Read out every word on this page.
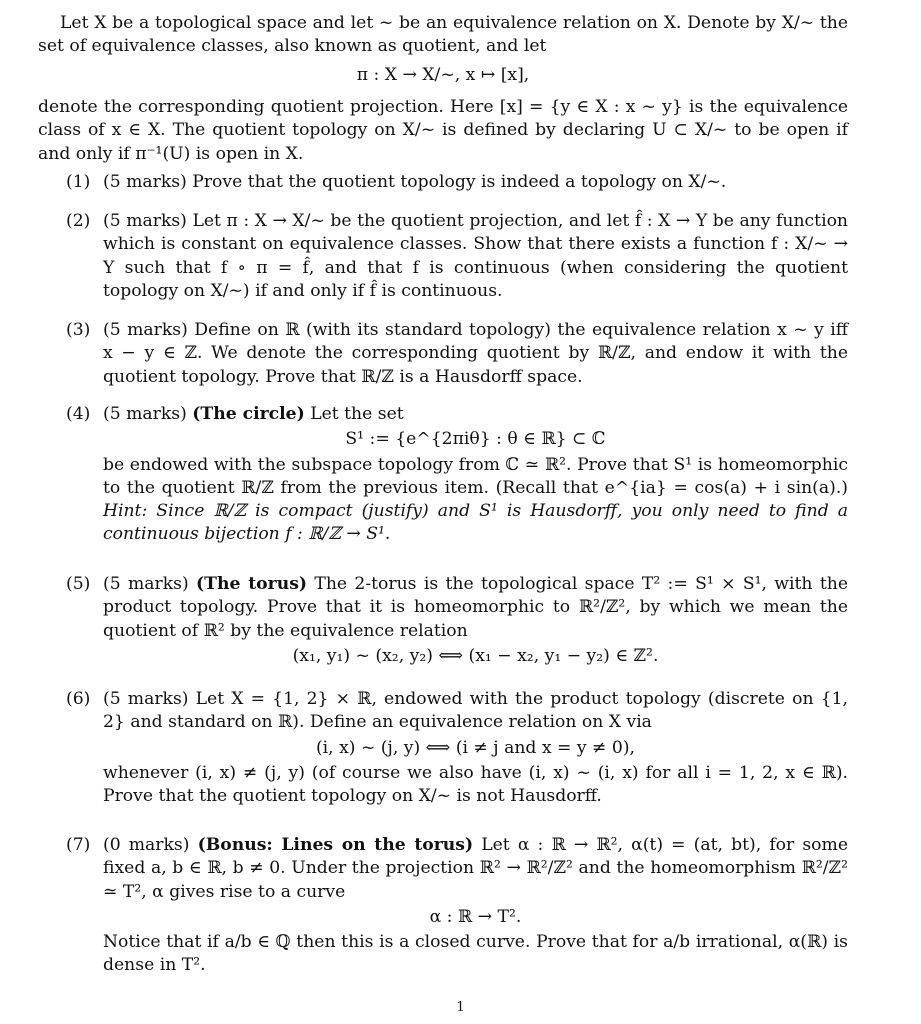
Let X be a topological space and let ~ be an equivalence relation on X. Denote by X/~ the set of equivalence classes, also known as quotient, and let

π : X → X/~, x ↦ [x],

denote the corresponding quotient projection. Here [x] = {y ∈ X : x ~ y} is the equivalence class of x ∈ X. The quotient topology on X/~ is defined by declaring U ⊂ X/~ to be open if and only if π⁻¹(U) is open in X.

(1) (5 marks) Prove that the quotient topology is indeed a topology on X/~.
(2) (5 marks) Let π : X → X/~ be the quotient projection, and let f̂ : X → Y be any function which is constant on equivalence classes. Show that there exists a function f : X/~ → Y such that f ∘ π = f̂, and that f is continuous (when considering the quotient topology on X/~) if and only if f̂ is continuous.
(3) (5 marks) Define on ℝ (with its standard topology) the equivalence relation x ~ y iff x − y ∈ ℤ. We denote the corresponding quotient by ℝ/ℤ, and endow it with the quotient topology. Prove that ℝ/ℤ is a Hausdorff space.
(4) (5 marks) (The circle) Let the set
S¹ := {e^{2πiθ} : θ ∈ ℝ} ⊂ ℂ
be endowed with the subspace topology from ℂ ≃ ℝ². Prove that S¹ is homeomorphic to the quotient ℝ/ℤ from the previous item. (Recall that e^{ia} = cos(a) + i sin(a).) Hint: Since ℝ/ℤ is compact (justify) and S¹ is Hausdorff, you only need to find a continuous bijection f : ℝ/ℤ → S¹.
(5) (5 marks) (The torus) The 2-torus is the topological space T² := S¹ × S¹, with the product topology. Prove that it is homeomorphic to ℝ²/ℤ², by which we mean the quotient of ℝ² by the equivalence relation
(x₁, y₁) ~ (x₂, y₂) ⟺ (x₁ − x₂, y₁ − y₂) ∈ ℤ².
(6) (5 marks) Let X = {1, 2} × ℝ, endowed with the product topology (discrete on {1, 2} and standard on ℝ). Define an equivalence relation on X via
(i, x) ~ (j, y) ⟺ (i ≠ j and x = y ≠ 0),
whenever (i, x) ≠ (j, y) (of course we also have (i, x) ~ (i, x) for all i = 1, 2, x ∈ ℝ). Prove that the quotient topology on X/~ is not Hausdorff.
(7) (0 marks) (Bonus: Lines on the torus) Let α : ℝ → ℝ², α(t) = (at, bt), for some fixed a, b ∈ ℝ, b ≠ 0. Under the projection ℝ² → ℝ²/ℤ² and the homeomorphism ℝ²/ℤ² ≃ T², α gives rise to a curve
α : ℝ → T².
Notice that if a/b ∈ ℚ then this is a closed curve. Prove that for a/b irrational, α(ℝ) is dense in T².
1
